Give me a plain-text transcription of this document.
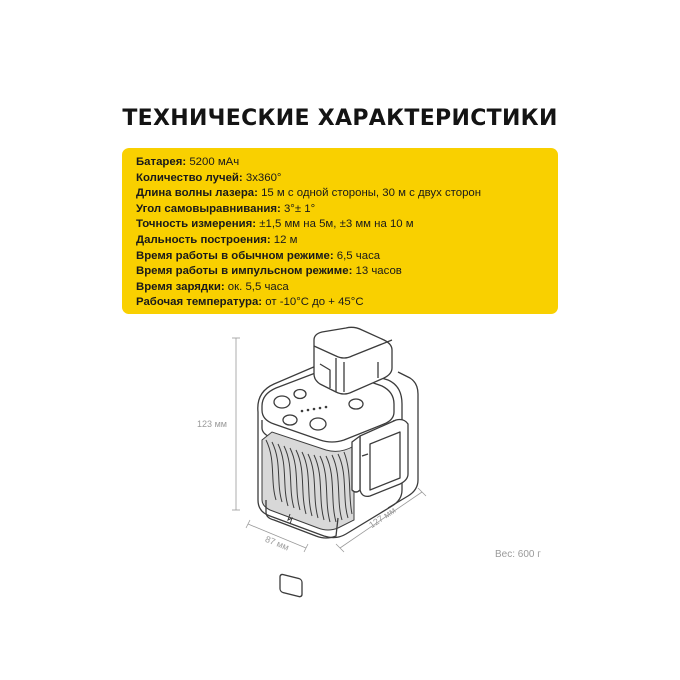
ТЕХНИЧЕСКИЕ ХАРАКТЕРИСТИКИ
Батарея: 5200 мАч
Количество лучей: 3х360°
Длина волны лазера: 15 м с одной стороны, 30 м с двух сторон
Угол самовыравнивания: 3°± 1°
Точность измерения: ±1,5 мм на 5м, ±3 мм на 10 м
Дальность построения: 12 м
Время работы в обычном режиме: 6,5 часа
Время работы в импульсном режиме: 13 часов
Время зарядки: ок. 5,5 часа
Рабочая температура: от -10°С до + 45°С
123 мм
87 мм
127 мм
Вес: 600 г
